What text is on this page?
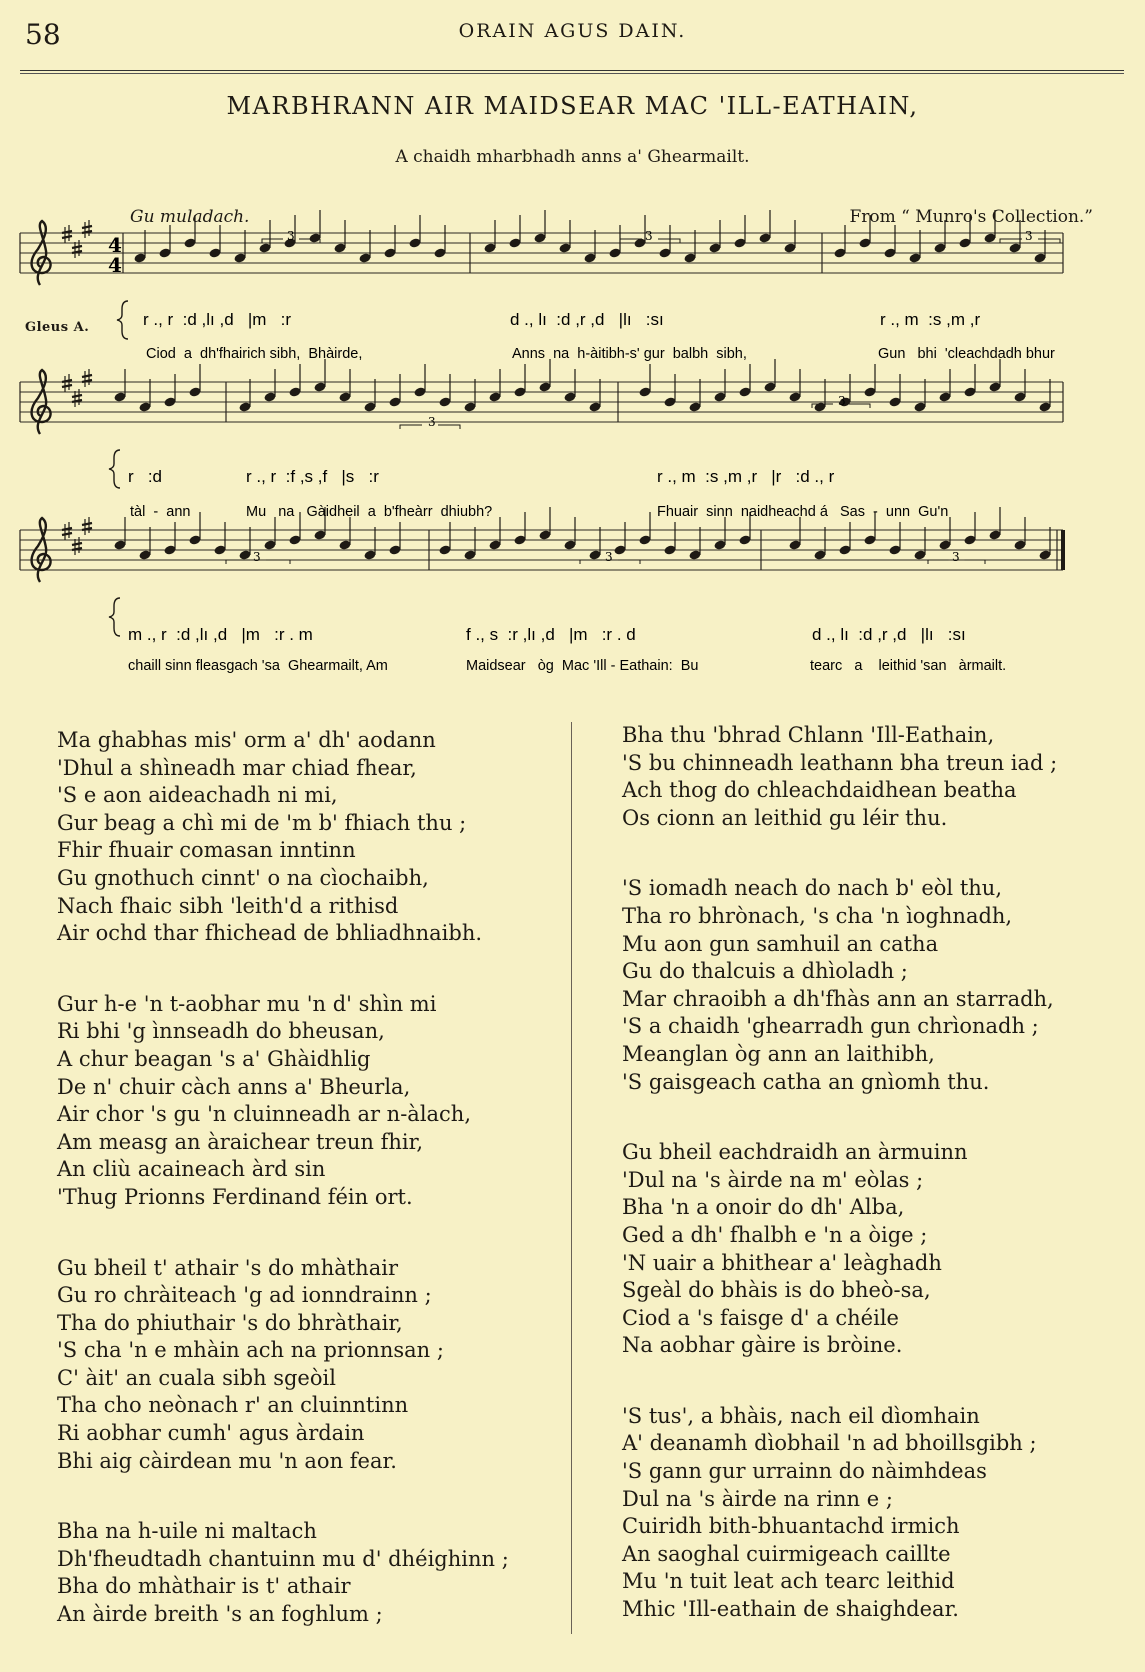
58	ORAIN AGUS DAIN.
MARBHRANN AIR MAIDSEAR MAC 'ILL-EATHAIN,
A chaidh mharbhadh anns a' Ghearmailt.
Gu muladach.	From “ Munro's Collection.”
Gleus A.
4
4
3	3	3
3
3
3	3	3
r ., r  :d ,lı ,d   |m   :r	d ., lı  :d ,r ,d   |lı   :sı	r ., m  :s ,m ,r
Ciod  a  dh'fhairich sibh,  Bhàirde,	Anns  na  h-àitibh-s' gur  balbh  sibh,	Gun   bhi  'cleachdadh bhur
r   :d	r ., r  :f ,s ,f   |s   :r	r ., m  :s ,m ,r   |r   :d ., r
tàl  -  ann	Mu   na   Gàidheil  a  b'fheàrr  dhiubh?	Fhuair  sinn  naidheachd á   Sas  -  unn  Gu'n
m ., r  :d ,lı ,d   |m   :r . m	f ., s  :r ,lı ,d   |m   :r . d	d ., lı  :d ,r ,d   |lı   :sı
chaill sinn fleasgach 'sa  Ghearmailt, Am	Maidsear   òg  Mac 'Ill - Eathain:  Bu	tearc   a    leithid 'san   àrmailt.
Ma ghabhas mis' orm a' dh' aodann
'Dhul a shìneadh mar chiad fhear,
'S e aon aideachadh ni mi,
Gur beag a chì mi de 'm b' fhiach thu ;
Fhir fhuair comasan inntinn
Gu gnothuch cinnt' o na cìochaibh,
Nach fhaic sibh 'leith'd a rithisd
Air ochd thar fhichead de bhliadhnaibh.
Gur h-e 'n t-aobhar mu 'n d' shìn mi
Ri bhi 'g ìnnseadh do bheusan,
A chur beagan 's a' Ghàidhlig
De n' chuir càch anns a' Bheurla,
Air chor 's gu 'n cluinneadh ar n-àlach,
Am measg an àraichear treun fhir,
An cliù acaineach àrd sin
'Thug Prionns Ferdinand féin ort.
Gu bheil t' athair 's do mhàthair
Gu ro chràiteach 'g ad ionndrainn ;
Tha do phiuthair 's do bhràthair,
'S cha 'n e mhàin ach na prionnsan ;
C' àit' an cuala sibh sgeòil
Tha cho neònach r' an cluinntinn
Ri aobhar cumh' agus àrdain
Bhi aig càirdean mu 'n aon fear.
Bha na h-uile ni maltach
Dh'fheudtadh chantuinn mu d' dhéighinn ;
Bha do mhàthair is t' athair
An àirde breith 's an foghlum ;
Bha thu 'bhrad Chlann 'Ill-Eathain,
'S bu chinneadh leathann bha treun iad ;
Ach thog do chleachdaidhean beatha
Os cionn an leithid gu léir thu.
'S iomadh neach do nach b' eòl thu,
Tha ro bhrònach, 's cha 'n ìoghnadh,
Mu aon gun samhuil an catha
Gu do thalcuis a dhìoladh ;
Mar chraoibh a dh'fhàs ann an starradh,
'S a chaidh 'ghearradh gun chrìonadh ;
Meanglan òg ann an laithibh,
'S gaisgeach catha an gnìomh thu.
Gu bheil eachdraidh an àrmuinn
'Dul na 's àirde na m' eòlas ;
Bha 'n a onoir do dh' Alba,
Ged a dh' fhalbh e 'n a òige ;
'N uair a bhithear a' leàghadh
Sgeàl do bhàis is do bheò-sa,
Ciod a 's faisge d' a chéile
Na aobhar gàire is bròine.
'S tus', a bhàis, nach eil dìomhain
A' deanamh dìobhail 'n ad bhoillsgibh ;
'S gann gur urrainn do nàimhdeas
Dul na 's àirde na rinn e ;
Cuiridh bith-bhuantachd irmich
An saoghal cuirmigeach caillte
Mu 'n tuit leat ach tearc leithid
Mhic 'Ill-eathain de shaighdear.
